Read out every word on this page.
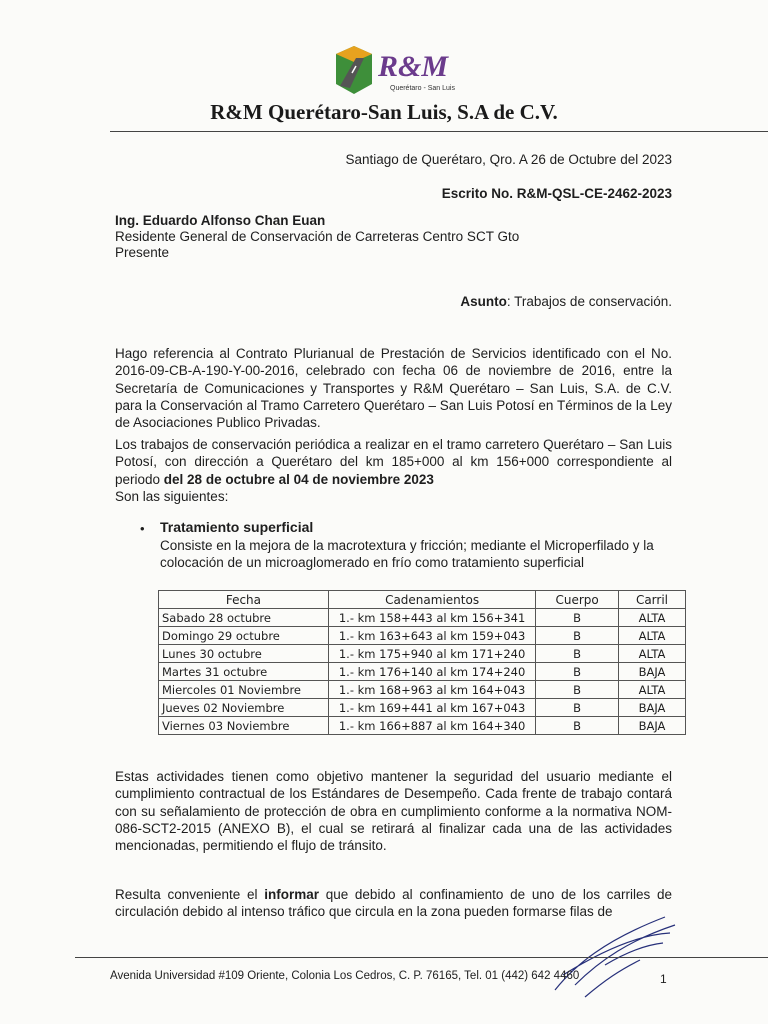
R&M
Querétaro - San Luis
R&M Querétaro-San Luis, S.A de C.V.
Santiago de Querétaro, Qro. A 26 de Octubre del 2023
Escrito No. R&M-QSL-CE-2462-2023
Ing. Eduardo Alfonso Chan Euan
Residente General de Conservación de Carreteras Centro SCT Gto
Presente
Asunto: Trabajos de conservación.
Hago referencia al Contrato Plurianual de Prestación de Servicios identificado con el No. 2016-09-CB-A-190-Y-00-2016, celebrado con fecha 06 de noviembre de 2016, entre la Secretaría de Comunicaciones y Transportes y R&M Querétaro – San Luis, S.A. de C.V. para la Conservación al Tramo Carretero Querétaro – San Luis Potosí en Términos de la Ley de Asociaciones Publico Privadas.
Los trabajos de conservación periódica a realizar en el tramo carretero Querétaro – San Luis Potosí, con dirección a Querétaro del km 185+000 al km 156+000 correspondiente al periodo del 28 de octubre al 04 de noviembre 2023
Son las siguientes:
• Tratamiento superficial
Consiste en la mejora de la macrotextura y fricción; mediante el Microperfilado y la colocación de un microaglomerado en frío como tratamiento superficial
Fecha	Cadenamientos	Cuerpo	Carril
Sabado 28 octubre	1.- km 158+443 al km 156+341	B	ALTA
Domingo 29 octubre	1.- km 163+643 al km 159+043	B	ALTA
Lunes 30 octubre	1.- km 175+940 al km 171+240	B	ALTA
Martes 31 octubre	1.- km 176+140 al km 174+240	B	BAJA
Miercoles 01 Noviembre	1.- km 168+963 al km 164+043	B	ALTA
Jueves 02 Noviembre	1.- km 169+441 al km 167+043	B	BAJA
Viernes 03 Noviembre	1.- km 166+887 al km 164+340	B	BAJA
Estas actividades tienen como objetivo mantener la seguridad del usuario mediante el cumplimiento contractual de los Estándares de Desempeño. Cada frente de trabajo contará con su señalamiento de protección de obra en cumplimiento conforme a la normativa NOM-086-SCT2-2015 (ANEXO B), el cual se retirará al finalizar cada una de las actividades mencionadas, permitiendo el flujo de tránsito.
Resulta conveniente el informar que debido al confinamiento de uno de los carriles de circulación debido al intenso tráfico que circula en la zona pueden formarse filas de
Avenida Universidad #109 Oriente, Colonia Los Cedros, C. P. 76165, Tel. 01 (442) 642 4460	1
